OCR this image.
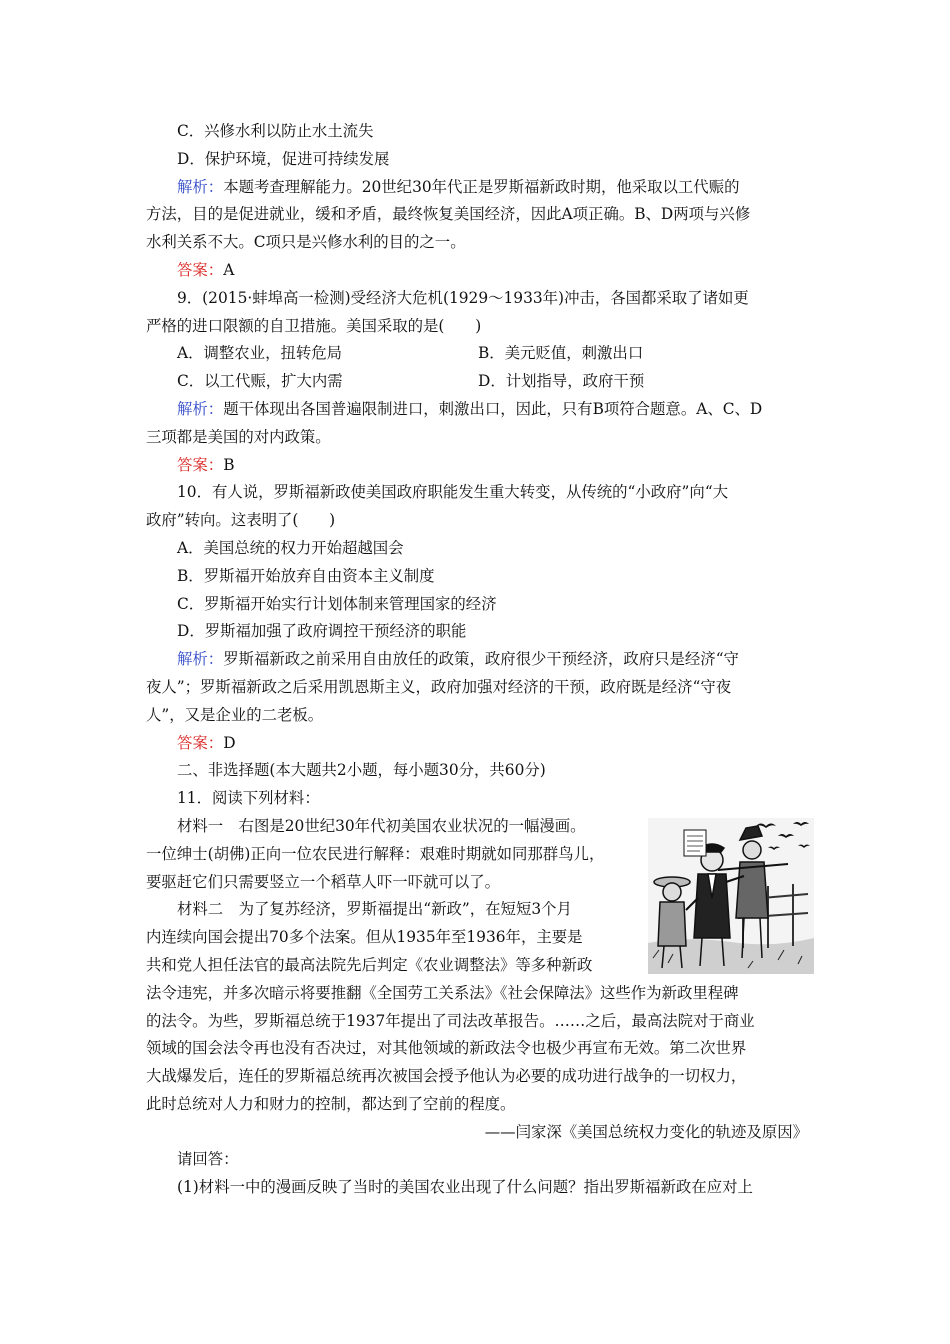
C．兴修水利以防止水土流失
D．保护环境，促进可持续发展
解析：本题考查理解能力。20世纪30年代正是罗斯福新政时期，他采取以工代赈的
方法，目的是促进就业，缓和矛盾，最终恢复美国经济，因此A项正确。B、D两项与兴修
水利关系不大。C项只是兴修水利的目的之一。
答案：A
9．(2015·蚌埠高一检测)受经济大危机(1929～1933年)冲击，各国都采取了诸如更
严格的进口限额的自卫措施。美国采取的是(　　)
A．调整农业，扭转危局	B．美元贬值，刺激出口
C．以工代赈，扩大内需	D．计划指导，政府干预
解析：题干体现出各国普遍限制进口，刺激出口，因此，只有B项符合题意。A、C、D
三项都是美国的对内政策。
答案：B
10．有人说，罗斯福新政使美国政府职能发生重大转变，从传统的“小政府”向“大
政府”转向。这表明了(　　)
A．美国总统的权力开始超越国会
B．罗斯福开始放弃自由资本主义制度
C．罗斯福开始实行计划体制来管理国家的经济
D．罗斯福加强了政府调控干预经济的职能
解析：罗斯福新政之前采用自由放任的政策，政府很少干预经济，政府只是经济“守
夜人”；罗斯福新政之后采用凯恩斯主义，政府加强对经济的干预，政府既是经济“守夜
人”，又是企业的二老板。
答案：D
二、非选择题(本大题共2小题，每小题30分，共60分)
11．阅读下列材料：
材料一　右图是20世纪30年代初美国农业状况的一幅漫画。
一位绅士(胡佛)正向一位农民进行解释：艰难时期就如同那群鸟儿，
要驱赶它们只需要竖立一个稻草人吓一吓就可以了。
材料二　为了复苏经济，罗斯福提出“新政”，在短短3个月
内连续向国会提出70多个法案。但从1935年至1936年，主要是
共和党人担任法官的最高法院先后判定《农业调整法》等多种新政
法令违宪，并多次暗示将要推翻《全国劳工关系法》《社会保障法》这些作为新政里程碑
的法令。为些，罗斯福总统于1937年提出了司法改革报告。……之后，最高法院对于商业
领域的国会法令再也没有否决过，对其他领域的新政法令也极少再宣布无效。第二次世界
大战爆发后，连任的罗斯福总统再次被国会授予他认为必要的成功进行战争的一切权力，
此时总统对人力和财力的控制，都达到了空前的程度。
——闫家深《美国总统权力变化的轨迹及原因》
请回答：
(1)材料一中的漫画反映了当时的美国农业出现了什么问题？指出罗斯福新政在应对上
